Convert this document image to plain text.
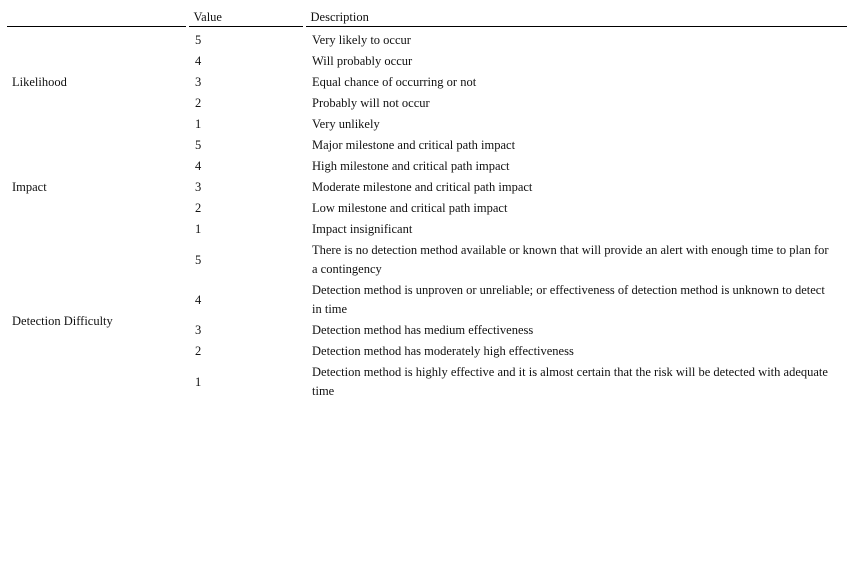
	Value	Description
Likelihood	5	Very likely to occur
	4	Will probably occur
	3	Equal chance of occurring or not
	2	Probably will not occur
	1	Very unlikely
Impact	5	Major milestone and critical path impact
	4	High milestone and critical path impact
	3	Moderate milestone and critical path impact
	2	Low milestone and critical path impact
	1	Impact insignificant
Detection Difficulty	5	There is no detection method available or known that will provide an alert with enough time to plan for a contingency
	4	Detection method is unproven or unreliable; or effectiveness of detection method is unknown to detect in time
	3	Detection method has medium effectiveness
	2	Detection method has moderately high effectiveness
	1	Detection method is highly effective and it is almost certain that the risk will be detected with adequate time
